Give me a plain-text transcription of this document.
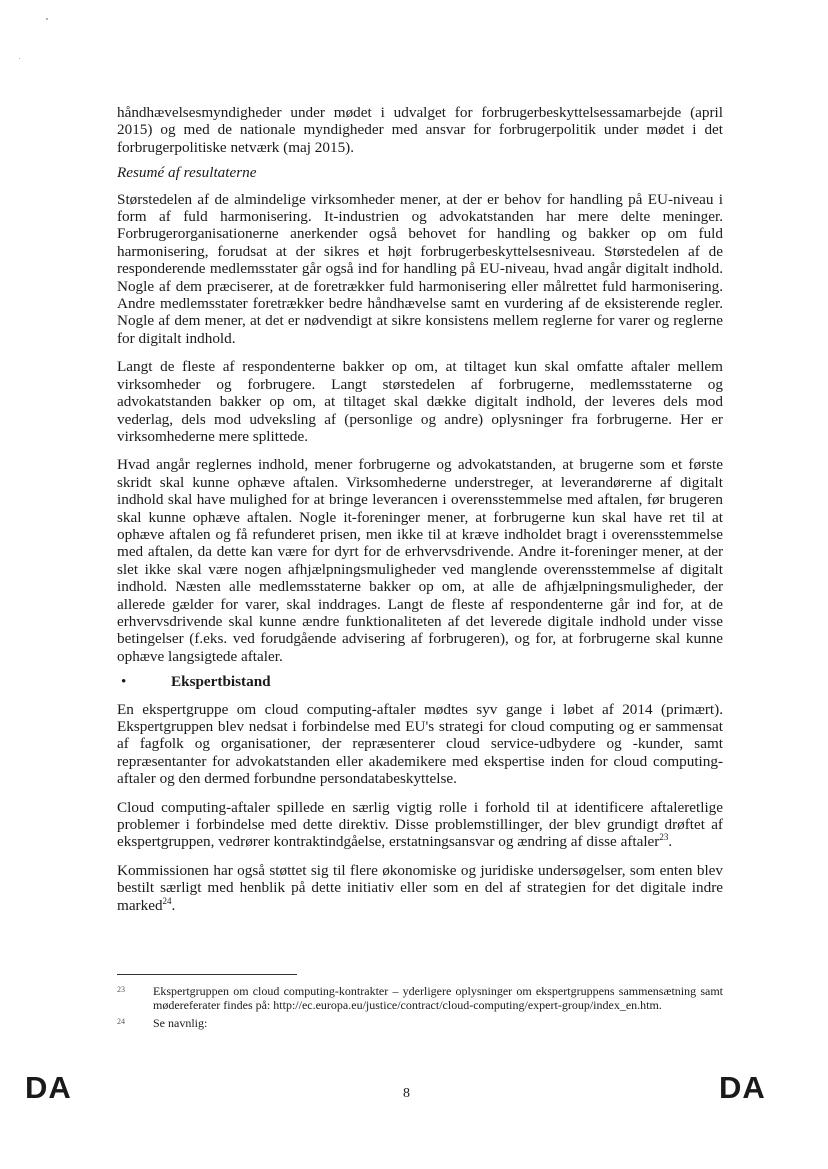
håndhævelsesmyndigheder under mødet i udvalget for forbrugerbeskyttelsessamarbejde (april 2015) og med de nationale myndigheder med ansvar for forbrugerpolitik under mødet i det forbrugerpolitiske netværk (maj 2015).

Resumé af resultaterne

Størstedelen af de almindelige virksomheder mener, at der er behov for handling på EU-niveau i form af fuld harmonisering. It-industrien og advokatstanden har mere delte meninger. Forbrugerorganisationerne anerkender også behovet for handling og bakker op om fuld harmonisering, forudsat at der sikres et højt forbrugerbeskyttelsesniveau. Størstedelen af de responderende medlemsstater går også ind for handling på EU-niveau, hvad angår digitalt indhold. Nogle af dem præciserer, at de foretrækker fuld harmonisering eller målrettet fuld harmonisering. Andre medlemsstater foretrækker bedre håndhævelse samt en vurdering af de eksisterende regler. Nogle af dem mener, at det er nødvendigt at sikre konsistens mellem reglerne for varer og reglerne for digitalt indhold.

Langt de fleste af respondenterne bakker op om, at tiltaget kun skal omfatte aftaler mellem virksomheder og forbrugere. Langt størstedelen af forbrugerne, medlemsstaterne og advokatstanden bakker op om, at tiltaget skal dække digitalt indhold, der leveres dels mod vederlag, dels mod udveksling af (personlige og andre) oplysninger fra forbrugerne. Her er virksomhederne mere splittede.

Hvad angår reglernes indhold, mener forbrugerne og advokatstanden, at brugerne som et første skridt skal kunne ophæve aftalen. Virksomhederne understreger, at leverandørerne af digitalt indhold skal have mulighed for at bringe leverancen i overensstemmelse med aftalen, før brugeren skal kunne ophæve aftalen. Nogle it-foreninger mener, at forbrugerne kun skal have ret til at ophæve aftalen og få refunderet prisen, men ikke til at kræve indholdet bragt i overensstemmelse med aftalen, da dette kan være for dyrt for de erhvervsdrivende. Andre it-foreninger mener, at der slet ikke skal være nogen afhjælpningsmuligheder ved manglende overensstemmelse af digitalt indhold. Næsten alle medlemsstaterne bakker op om, at alle de afhjælpningsmuligheder, der allerede gælder for varer, skal inddrages. Langt de fleste af respondenterne går ind for, at de erhvervsdrivende skal kunne ændre funktionaliteten af det leverede digitale indhold under visse betingelser (f.eks. ved forudgående advisering af forbrugeren), og for, at forbrugerne skal kunne ophæve langsigtede aftaler.

•	Ekspertbistand

En ekspertgruppe om cloud computing-aftaler mødtes syv gange i løbet af 2014 (primært). Ekspertgruppen blev nedsat i forbindelse med EU's strategi for cloud computing og er sammensat af fagfolk og organisationer, der repræsenterer cloud service-udbydere og -kunder, samt repræsentanter for advokatstanden eller akademikere med ekspertise inden for cloud computing-aftaler og den dermed forbundne persondatabeskyttelse.

Cloud computing-aftaler spillede en særlig vigtig rolle i forhold til at identificere aftaleretlige problemer i forbindelse med dette direktiv. Disse problemstillinger, der blev grundigt drøftet af ekspertgruppen, vedrører kontraktindgåelse, erstatningsansvar og ændring af disse aftaler$^{23}$.

Kommissionen har også støttet sig til flere økonomiske og juridiske undersøgelser, som enten blev bestilt særligt med henblik på dette initiativ eller som en del af strategien for det digitale indre marked$^{24}$.

23	Ekspertgruppen om cloud computing-kontrakter – yderligere oplysninger om ekspertgruppens sammensætning samt mødereferater findes på: http://ec.europa.eu/justice/contract/cloud-computing/expert-group/index_en.htm.
24	Se navnlig:
DA	8	DA
